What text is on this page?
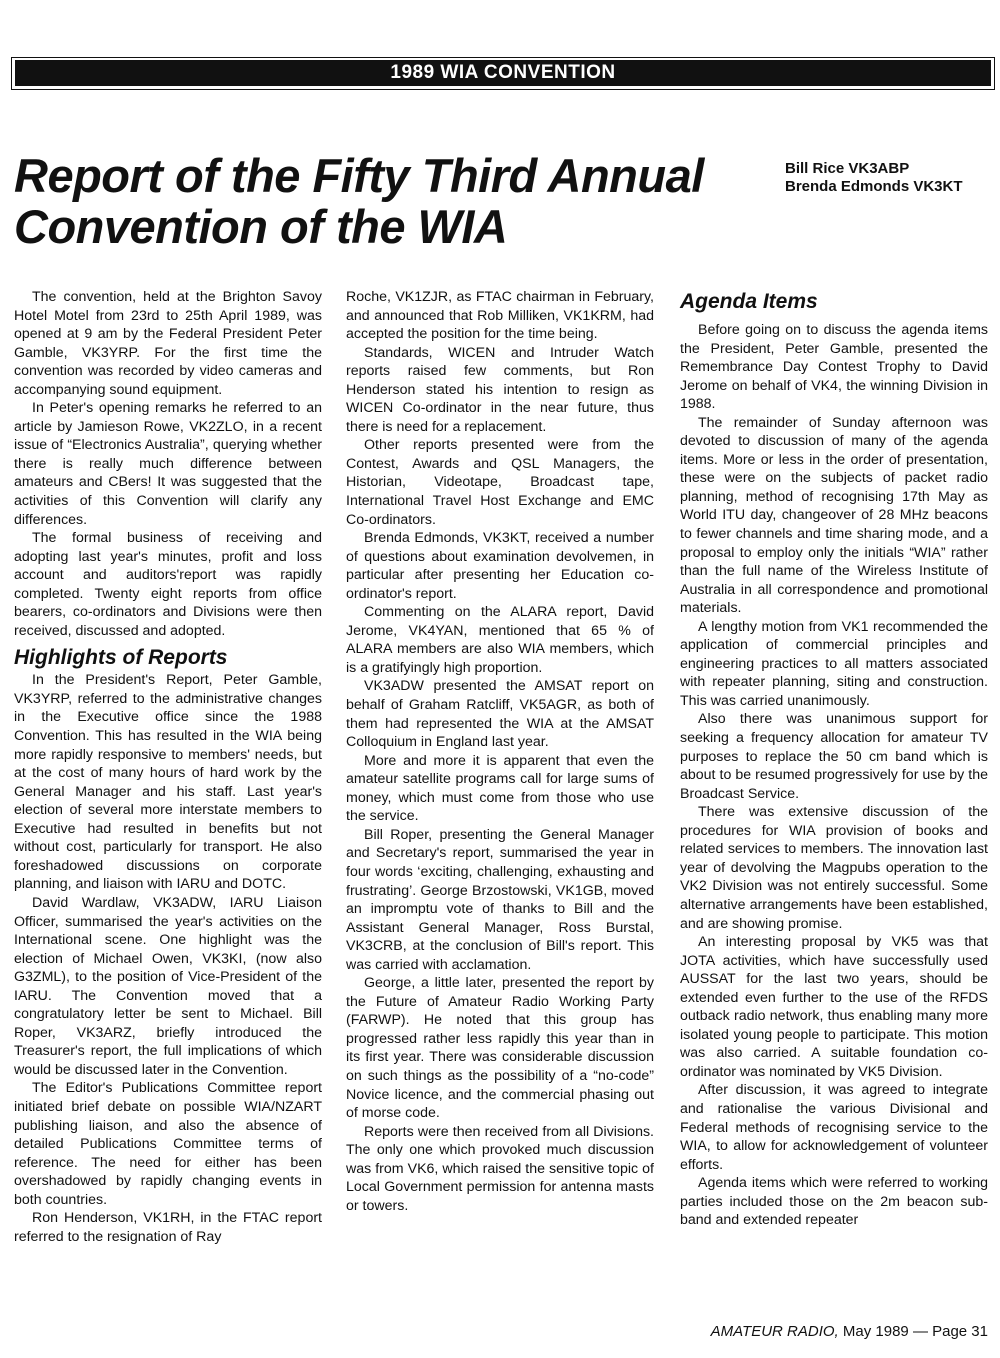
1989 WIA CONVENTION
Report of the Fifty Third Annual Convention of the WIA
Bill Rice VK3ABP
Brenda Edmonds VK3KT

The convention, held at the Brighton Savoy Hotel Motel from 23rd to 25th April 1989, was opened at 9 am by the Federal President Peter Gamble, VK3YRP. For the first time the convention was recorded by video cameras and accompanying sound equipment.

In Peter's opening remarks he referred to an article by Jamieson Rowe, VK2ZLO, in a recent issue of “Electronics Australia”, querying whether there is really much difference between amateurs and CBers! It was suggested that the activities of this Convention will clarify any differences.

The formal business of receiving and adopting last year's minutes, profit and loss account and auditors'report was rapidly completed. Twenty eight reports from office bearers, co-ordinators and Divisions were then received, discussed and adopted.

Highlights of Reports

In the President's Report, Peter Gamble, VK3YRP, referred to the administrative changes in the Executive office since the 1988 Convention. This has resulted in the WIA being more rapidly responsive to members' needs, but at the cost of many hours of hard work by the General Manager and his staff. Last year's election of several more interstate members to Executive had resulted in benefits but not without cost, particularly for transport. He also foreshadowed discussions on corporate planning, and liaison with IARU and DOTC.

David Wardlaw, VK3ADW, IARU Liaison Officer, summarised the year's activities on the International scene. One highlight was the election of Michael Owen, VK3KI, (now also G3ZML), to the position of Vice-President of the IARU. The Convention moved that a congratulatory letter be sent to Michael. Bill Roper, VK3ARZ, briefly introduced the Treasurer's report, the full implications of which would be discussed later in the Convention.

The Editor's Publications Committee report initiated brief debate on possible WIA/NZART publishing liaison, and also the absence of detailed Publications Committee terms of reference. The need for either has been overshadowed by rapidly changing events in both countries.

Ron Henderson, VK1RH, in the FTAC report referred to the resignation of Ray

Roche, VK1ZJR, as FTAC chairman in February, and announced that Rob Milliken, VK1KRM, had accepted the position for the time being.

Standards, WICEN and Intruder Watch reports raised few comments, but Ron Henderson stated his intention to resign as WICEN Co-ordinator in the near future, thus there is need for a replacement.

Other reports presented were from the Contest, Awards and QSL Managers, the Historian, Videotape, Broadcast tape, International Travel Host Exchange and EMC Co-ordinators.

Brenda Edmonds, VK3KT, received a number of questions about examination devolvemen, in particular after presenting her Education co-ordinator's report.

Commenting on the ALARA report, David Jerome, VK4YAN, mentioned that 65 % of ALARA members are also WIA members, which is a gratifyingly high proportion.

VK3ADW presented the AMSAT report on behalf of Graham Ratcliff, VK5AGR, as both of them had represented the WIA at the AMSAT Colloquium in England last year.

More and more it is apparent that even the amateur satellite programs call for large sums of money, which must come from those who use the service.

Bill Roper, presenting the General Manager and Secretary's report, summarised the year in four words ‘exciting, challenging, exhausting and frustrating’. George Brzostowski, VK1GB, moved an impromptu vote of thanks to Bill and the Assistant General Manager, Ross Burstal, VK3CRB, at the conclusion of Bill's report. This was carried with acclamation.

George, a little later, presented the report by the Future of Amateur Radio Working Party (FARWP). He noted that this group has progressed rather less rapidly this year than in its first year. There was considerable discussion on such things as the possibility of a “no-code” Novice licence, and the commercial phasing out of morse code.

Reports were then received from all Divisions. The only one which provoked much discussion was from VK6, which raised the sensitive topic of Local Government permission for antenna masts or towers.

Agenda Items

Before going on to discuss the agenda items the President, Peter Gamble, presented the Remembrance Day Contest Trophy to David Jerome on behalf of VK4, the winning Division in 1988.

The remainder of Sunday afternoon was devoted to discussion of many of the agenda items. More or less in the order of presentation, these were on the subjects of packet radio planning, method of recognising 17th May as World ITU day, changeover of 28 MHz beacons to fewer channels and time sharing mode, and a proposal to employ only the initials “WIA” rather than the full name of the Wireless Institute of Australia in all correspondence and promotional materials.

A lengthy motion from VK1 recommended the application of commercial principles and engineering practices to all matters associated with repeater planning, siting and construction. This was carried unanimously.

Also there was unanimous support for seeking a frequency allocation for amateur TV purposes to replace the 50 cm band which is about to be resumed progressively for use by the Broadcast Service.

There was extensive discussion of the procedures for WIA provision of books and related services to members. The innovation last year of devolving the Magpubs operation to the VK2 Division was not entirely successful. Some alternative arrangements have been established, and are showing promise.

An interesting proposal by VK5 was that JOTA activities, which have successfully used AUSSAT for the last two years, should be extended even further to the use of the RFDS outback radio network, thus enabling many more isolated young people to participate. This motion was also carried. A suitable foundation co-ordinator was nominated by VK5 Division.

After discussion, it was agreed to integrate and rationalise the various Divisional and Federal methods of recognising service to the WIA, to allow for acknowledgement of volunteer efforts.

Agenda items which were referred to working parties included those on the 2m beacon sub-band and extended repeater

AMATEUR RADIO, May 1989 — Page 31
